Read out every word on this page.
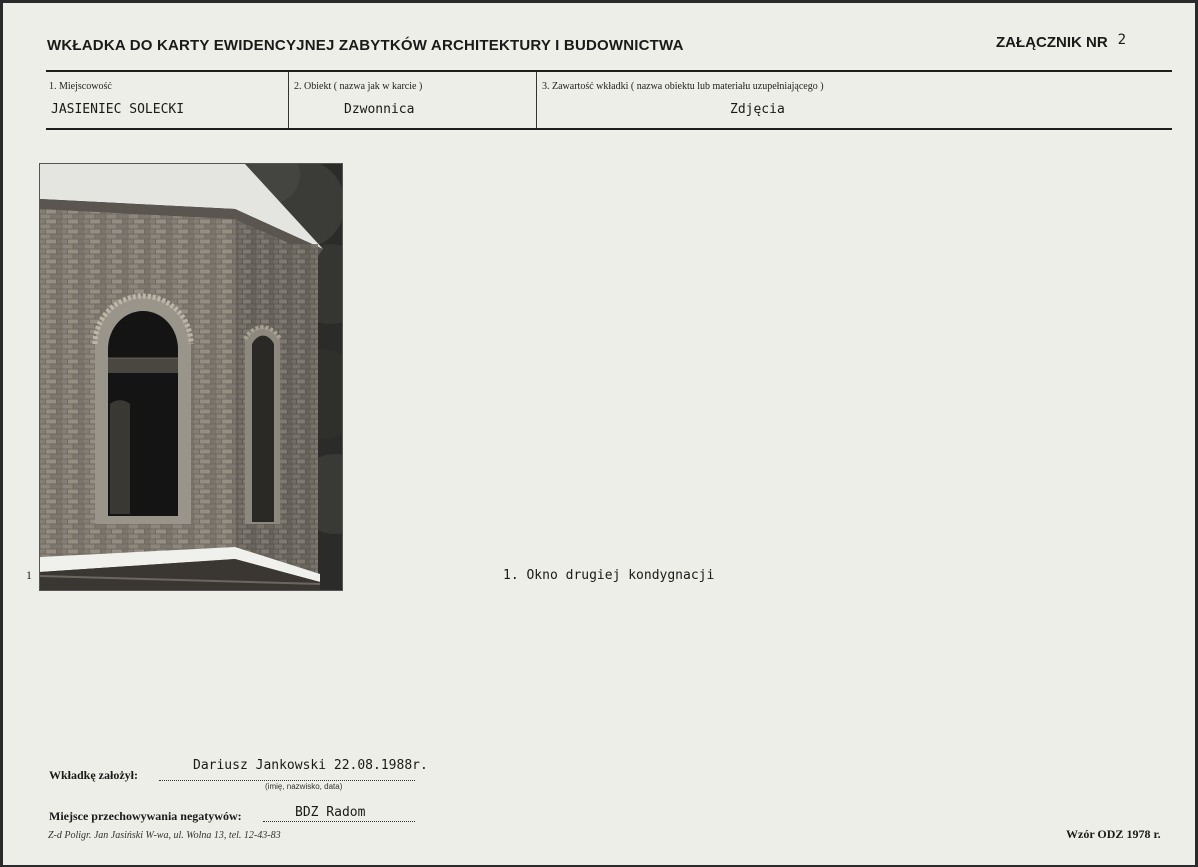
WKŁADKA DO KARTY EWIDENCYJNEJ ZABYTKÓW ARCHITEKTURY I BUDOWNICTWA	ZAŁĄCZNIK NR 2
1. Miejscowość
JASIENIEC SOLECKI
2. Obiekt ( nazwa jak w karcie )
Dzwonnica
3. Zawartość wkładki ( nazwa obiektu lub materiału uzupełniającego )
Zdjęcia
1	1. Okno drugiej kondygnacji
Wkładkę założył:
Dariusz Jankowski 22.08.1988r.
(imię, nazwisko, data)
Miejsce przechowywania negatywów:	BDZ Radom
Z-d Poligr. Jan Jasiński W-wa, ul. Wolna 13, tel. 12-43-83	Wzór ODZ 1978 r.
